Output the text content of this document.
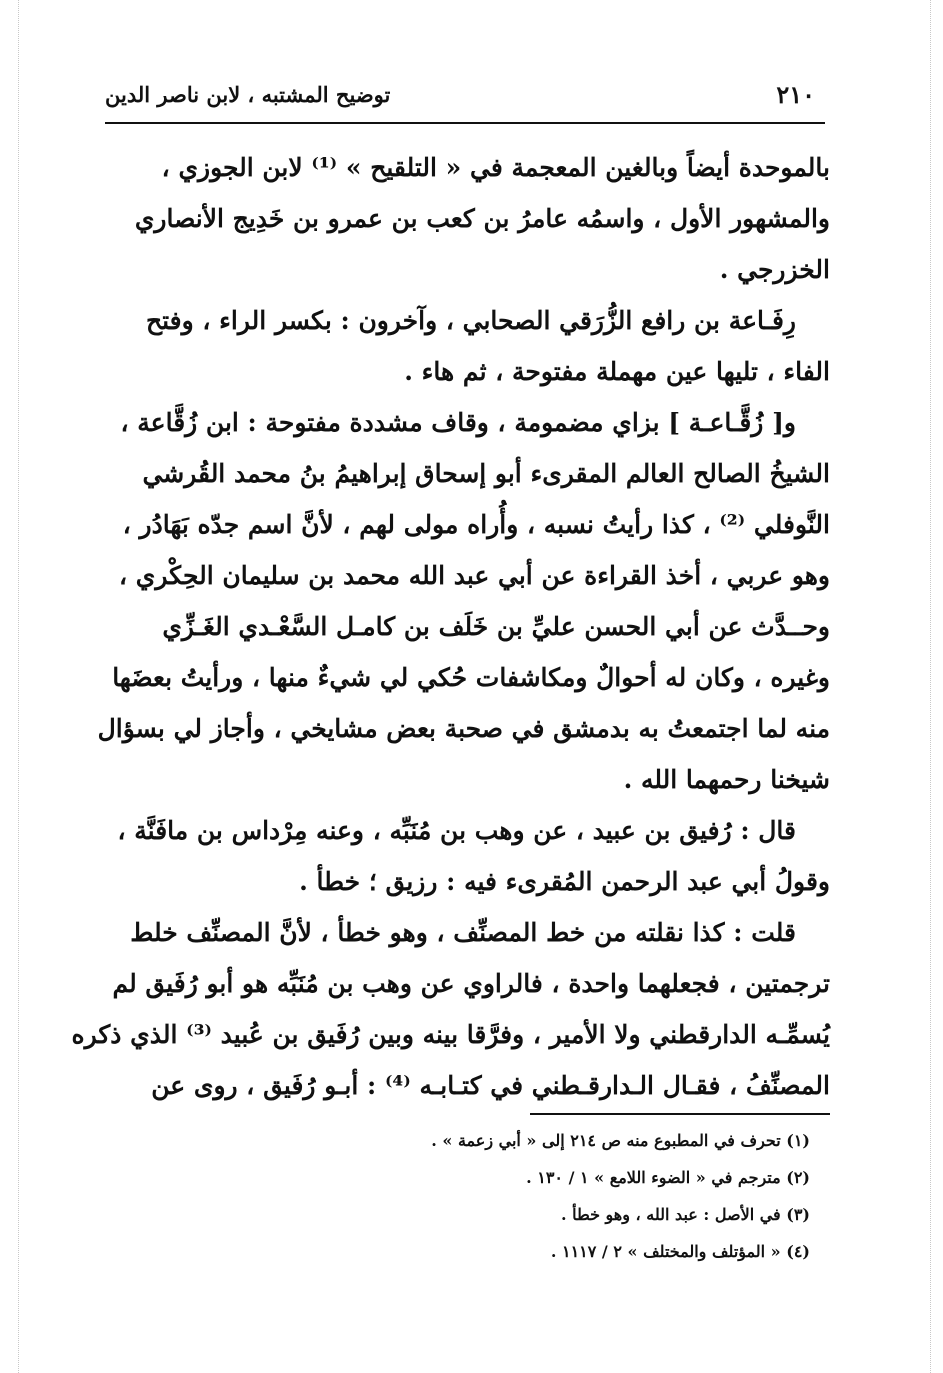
٢١٠
توضيح المشتبه ، لابن ناصر الدين
بالموحدة أيضاً وبالغين المعجمة في « التلقيح » ⁽¹⁾ لابن الجوزي ،
والمشهور الأول ، واسمُه عامرُ بن كعب بن عمرو بن خَدِيج الأنصاري
الخزرجي .
رِفَـاعة بن رافع الزُّرَقي الصحابي ، وآخرون : بكسر الراء ، وفتح
الفاء ، تليها عين مهملة مفتوحة ، ثم هاء .
و[ زُقَّـاعـة ] بزاي مضمومة ، وقاف مشددة مفتوحة : ابن زُقَّاعة ،
الشيخُ الصالح العالم المقرىء أبو إسحاق إبراهيمُ بنُ محمد القُرشي
النَّوفلي ⁽²⁾ ، كذا رأيتُ نسبه ، وأُراه مولى لهم ، لأنَّ اسم جدّه بَهَادُر ،
وهو عربي ، أخذ القراءة عن أبي عبد الله محمد بن سليمان الحِكْري ،
وحــدَّث عن أبي الحسن عليِّ بن خَلَف بن كامـل السَّعْـدي الغَـزِّي
وغيره ، وكان له أحوالٌ ومكاشفات حُكي لي شيءٌ منها ، ورأيتُ بعضَها
منه لما اجتمعتُ به بدمشق في صحبة بعض مشايخي ، وأجاز لي بسؤال
شيخنا رحمهما الله .
قال : رُفيق بن عبيد ، عن وهب بن مُنَبِّه ، وعنه مِرْداس بن مافَنَّة ،
وقولُ أبي عبد الرحمن المُقرىء فيه : رزيق ؛ خطأ .
قلت : كذا نقلته من خط المصنِّف ، وهو خطأ ، لأنَّ المصنِّف خلط
ترجمتين ، فجعلهما واحدة ، فالراوي عن وهب بن مُنَبِّه هو أبو رُفَيق لم
يُسمِّـه الدارقطني ولا الأمير ، وفرَّقا بينه وبين رُفَيق بن عُبيد ⁽³⁾ الذي ذكره
المصنِّفُ ، فقـال الـدارقـطني في كتـابـه ⁽⁴⁾ : أبـو رُفَيق ، روى عن
(١) تحرف في المطبوع منه ص ٢١٤ إلى « أبي زعمة » .
(٢) مترجم في « الضوء اللامع » ١ / ١٣٠ .
(٣) في الأصل : عبد الله ، وهو خطأ .
(٤) « المؤتلف والمختلف » ٢ / ١١١٧ .
